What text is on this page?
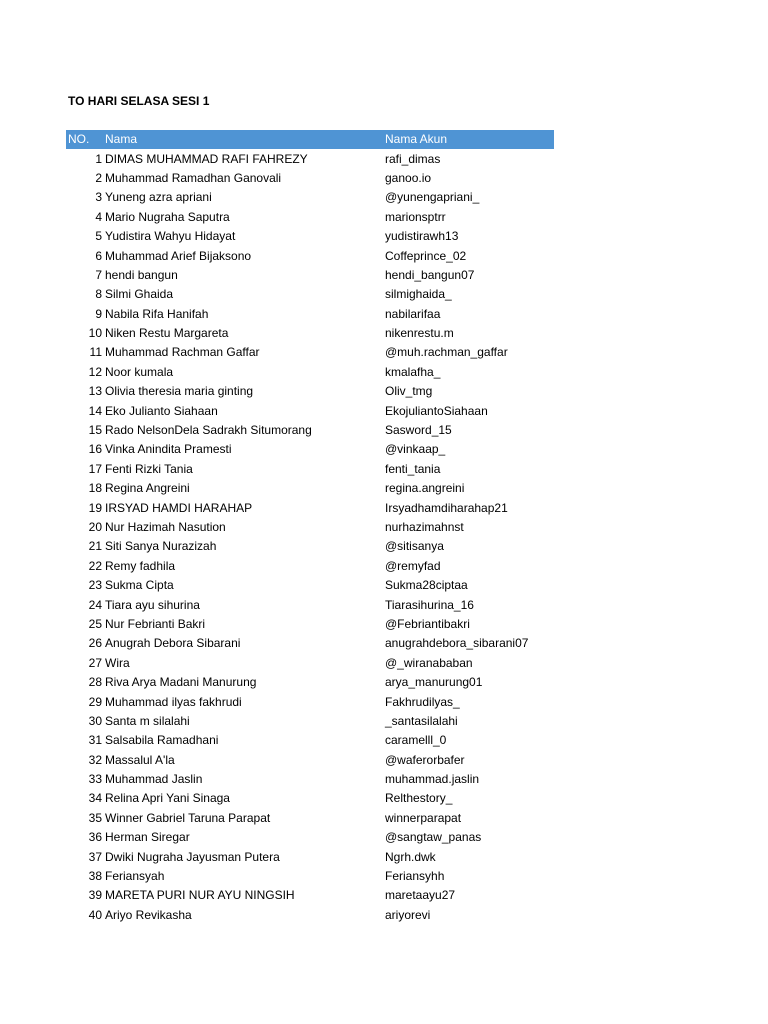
TO HARI SELASA SESI 1
NO.	Nama	Nama Akun
1	DIMAS MUHAMMAD RAFI FAHREZY	rafi_dimas
2	Muhammad Ramadhan Ganovali	ganoo.io
3	Yuneng azra apriani	@yunengapriani_
4	Mario Nugraha Saputra	marionsptrr
5	Yudistira Wahyu Hidayat	yudistirawh13
6	Muhammad Arief Bijaksono	Coffeprince_02
7	hendi bangun	hendi_bangun07
8	Silmi Ghaida	silmighaida_
9	Nabila Rifa Hanifah	nabilarifaa
10	Niken Restu Margareta	nikenrestu.m
11	Muhammad Rachman Gaffar	@muh.rachman_gaffar
12	Noor kumala	kmalafha_
13	Olivia theresia maria ginting	Oliv_tmg
14	Eko Julianto Siahaan	EkojuliantoSiahaan
15	Rado NelsonDela Sadrakh Situmorang	Sasword_15
16	Vinka Anindita Pramesti	@vinkaap_
17	Fenti Rizki Tania	fenti_tania
18	Regina Angreini	regina.angreini
19	IRSYAD HAMDI HARAHAP	Irsyadhamdiharahap21
20	Nur Hazimah Nasution	nurhazimahnst
21	Siti Sanya Nurazizah	@sitisanya
22	Remy fadhila	@remyfad
23	Sukma Cipta	Sukma28ciptaa
24	Tiara ayu sihurina	Tiarasihurina_16
25	Nur Febrianti Bakri	@Febriantibakri
26	Anugrah Debora Sibarani	anugrahdebora_sibarani07
27	Wira	@_wiranababan
28	Riva Arya Madani Manurung	arya_manurung01
29	Muhammad ilyas fakhrudi	Fakhrudilyas_
30	Santa m silalahi	_santasilalahi
31	Salsabila Ramadhani	caramelll_0
32	Massalul A'la	@waferorbafer
33	Muhammad Jaslin	muhammad.jaslin
34	Relina Apri Yani Sinaga	Relthestory_
35	Winner Gabriel Taruna Parapat	winnerparapat
36	Herman Siregar	@sangtaw_panas
37	Dwiki Nugraha Jayusman Putera	Ngrh.dwk
38	Feriansyah	Feriansyhh
39	MARETA PURI NUR AYU NINGSIH	maretaayu27
40	Ariyo Revikasha	ariyorevi
